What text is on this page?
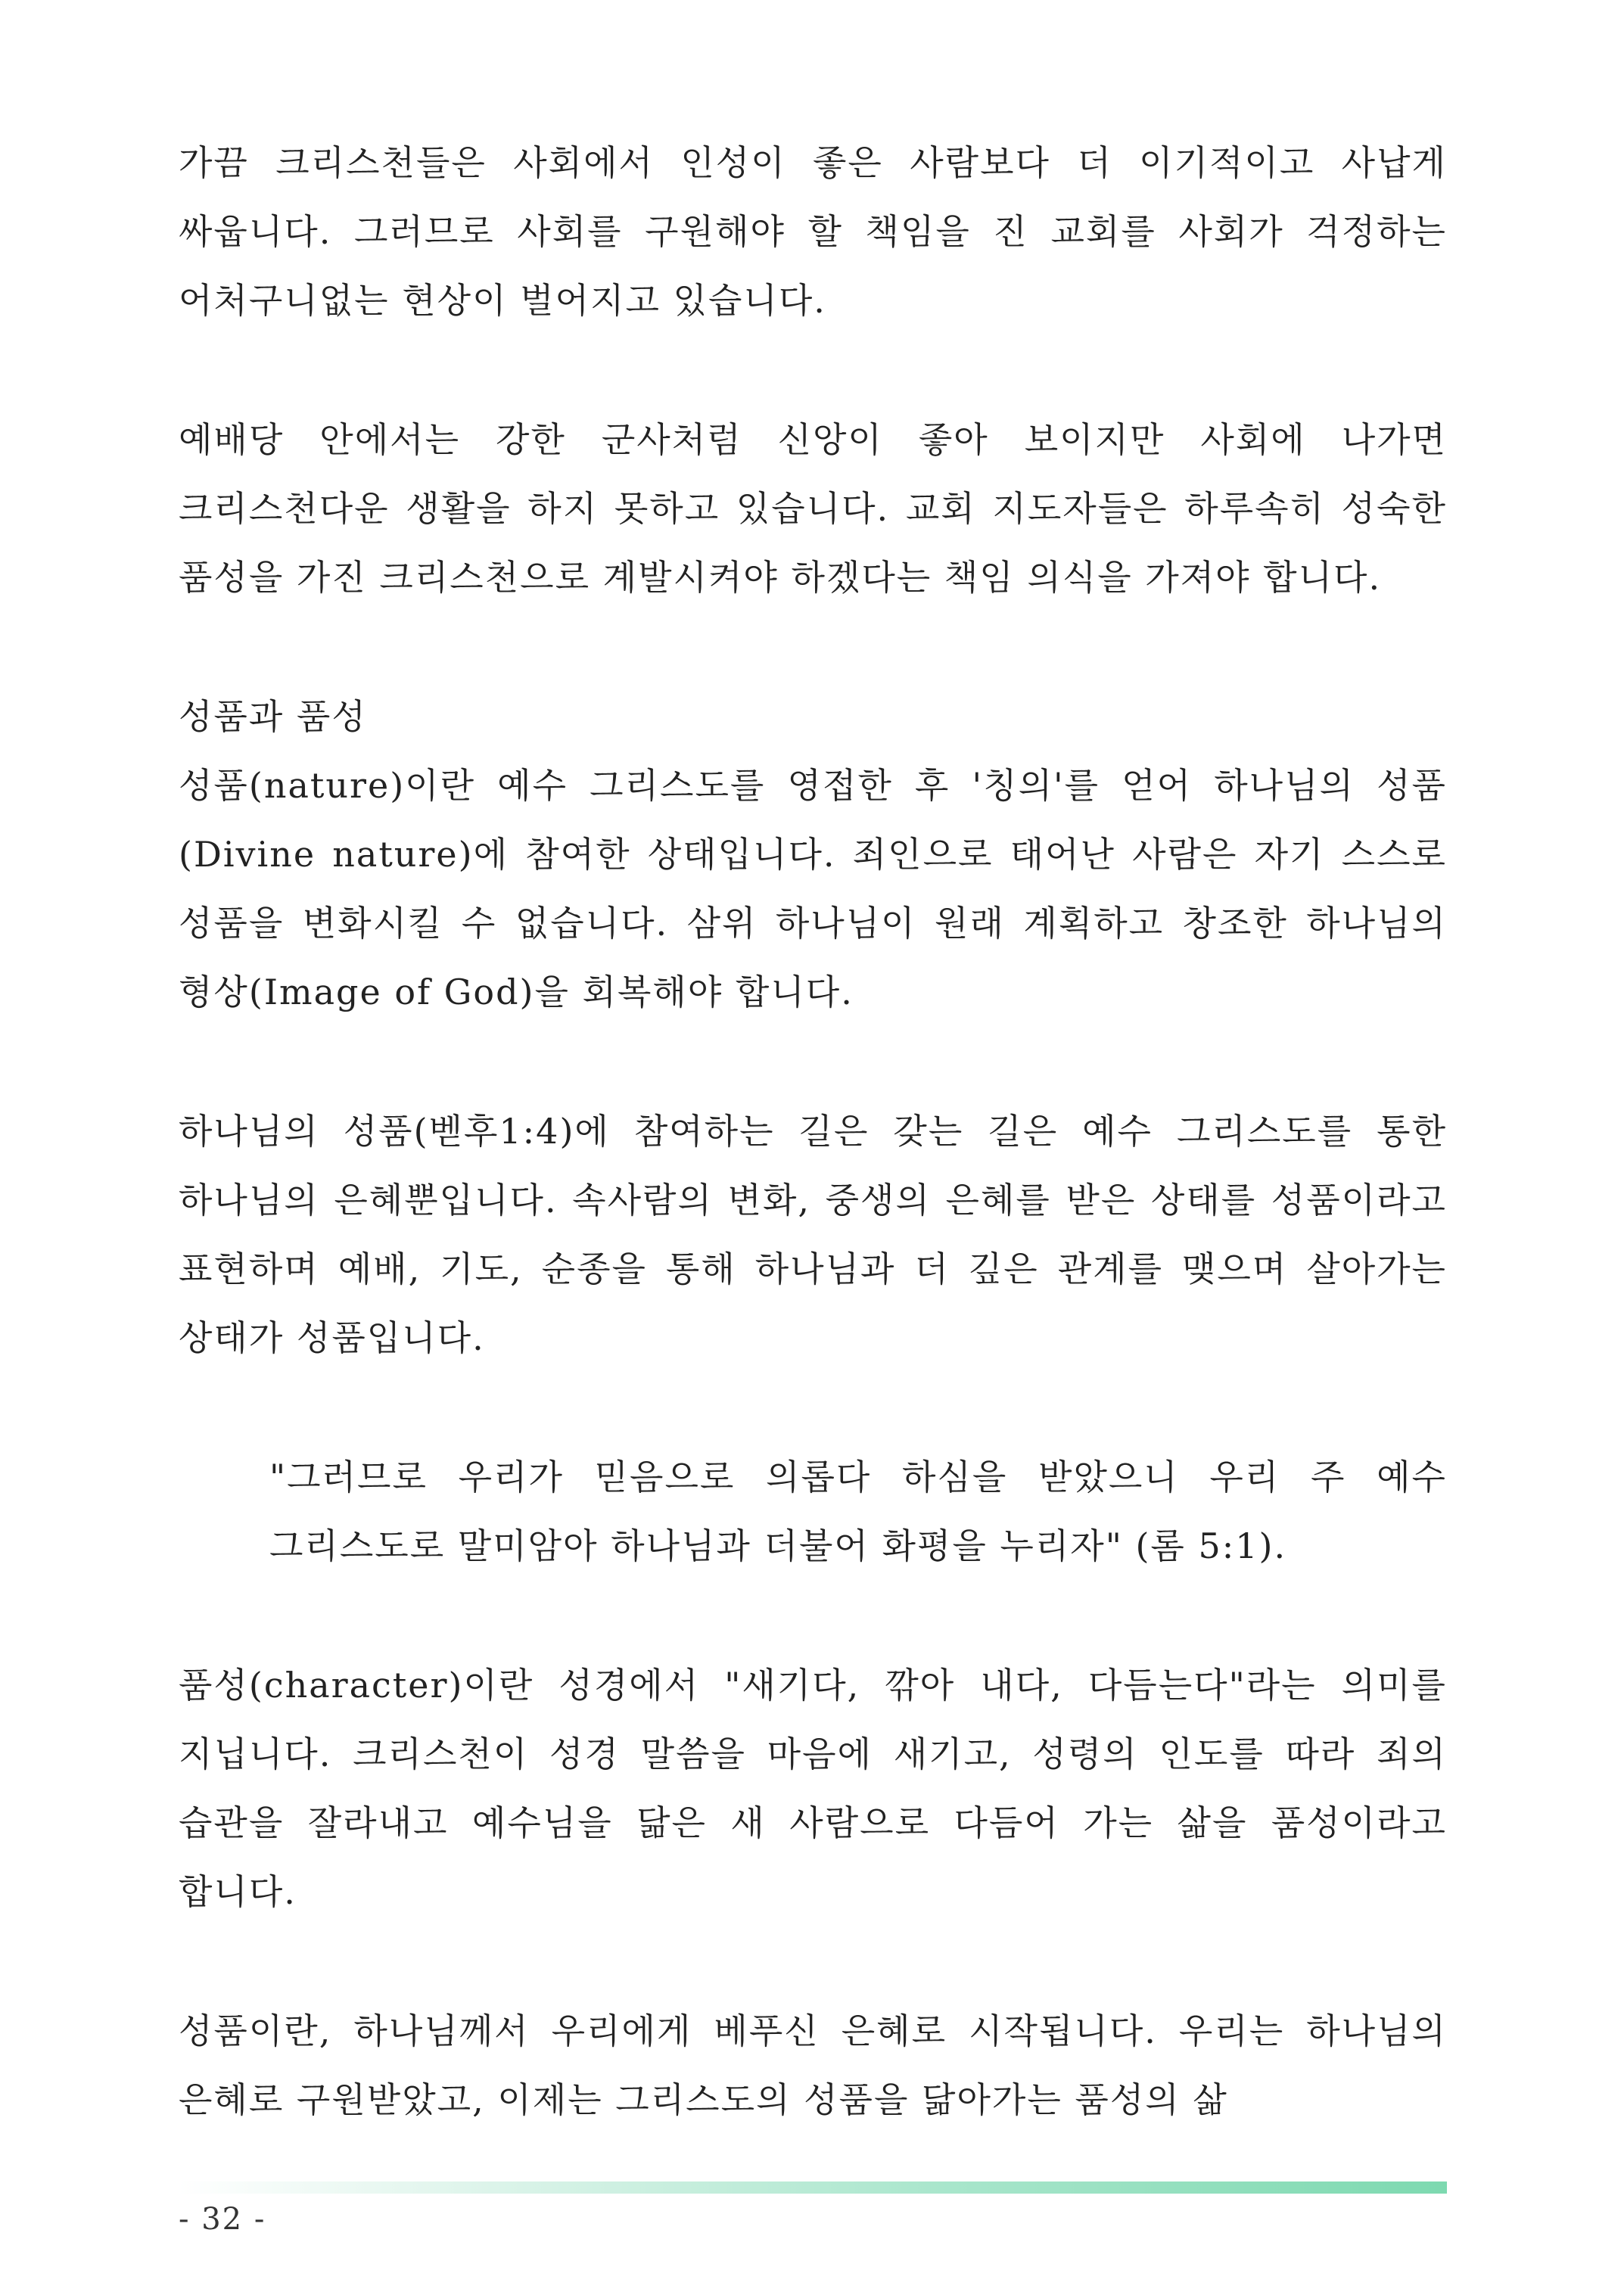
가끔 크리스천들은 사회에서 인성이 좋은 사람보다 더 이기적이고 사납게 싸웁니다. 그러므로 사회를 구원해야 할 책임을 진 교회를 사회가 걱정하는 어처구니없는 현상이 벌어지고 있습니다.

예배당 안에서는 강한 군사처럼 신앙이 좋아 보이지만 사회에 나가면 크리스천다운 생활을 하지 못하고 있습니다. 교회 지도자들은 하루속히 성숙한 품성을 가진 크리스천으로 계발시켜야 하겠다는 책임 의식을 가져야 합니다.

성품과 품성

성품(nature)이란 예수 그리스도를 영접한 후 '칭의'를 얻어 하나님의 성품(Divine nature)에 참여한 상태입니다. 죄인으로 태어난 사람은 자기 스스로 성품을 변화시킬 수 없습니다. 삼위 하나님이 원래 계획하고 창조한 하나님의 형상(Image of God)을 회복해야 합니다.

하나님의 성품(벧후1:4)에 참여하는 길은 갖는 길은 예수 그리스도를 통한 하나님의 은혜뿐입니다. 속사람의 변화, 중생의 은혜를 받은 상태를 성품이라고 표현하며 예배, 기도, 순종을 통해 하나님과 더 깊은 관계를 맺으며 살아가는 상태가 성품입니다.

"그러므로 우리가 믿음으로 의롭다 하심을 받았으니 우리 주 예수 그리스도로 말미암아 하나님과 더불어 화평을 누리자" (롬 5:1).

품성(character)이란 성경에서 "새기다, 깎아 내다, 다듬는다"라는 의미를 지닙니다. 크리스천이 성경 말씀을 마음에 새기고, 성령의 인도를 따라 죄의 습관을 잘라내고 예수님을 닮은 새 사람으로 다듬어 가는 삶을 품성이라고 합니다.

성품이란, 하나님께서 우리에게 베푸신 은혜로 시작됩니다. 우리는 하나님의 은혜로 구원받았고, 이제는 그리스도의 성품을 닮아가는 품성의 삶

- 32 -
